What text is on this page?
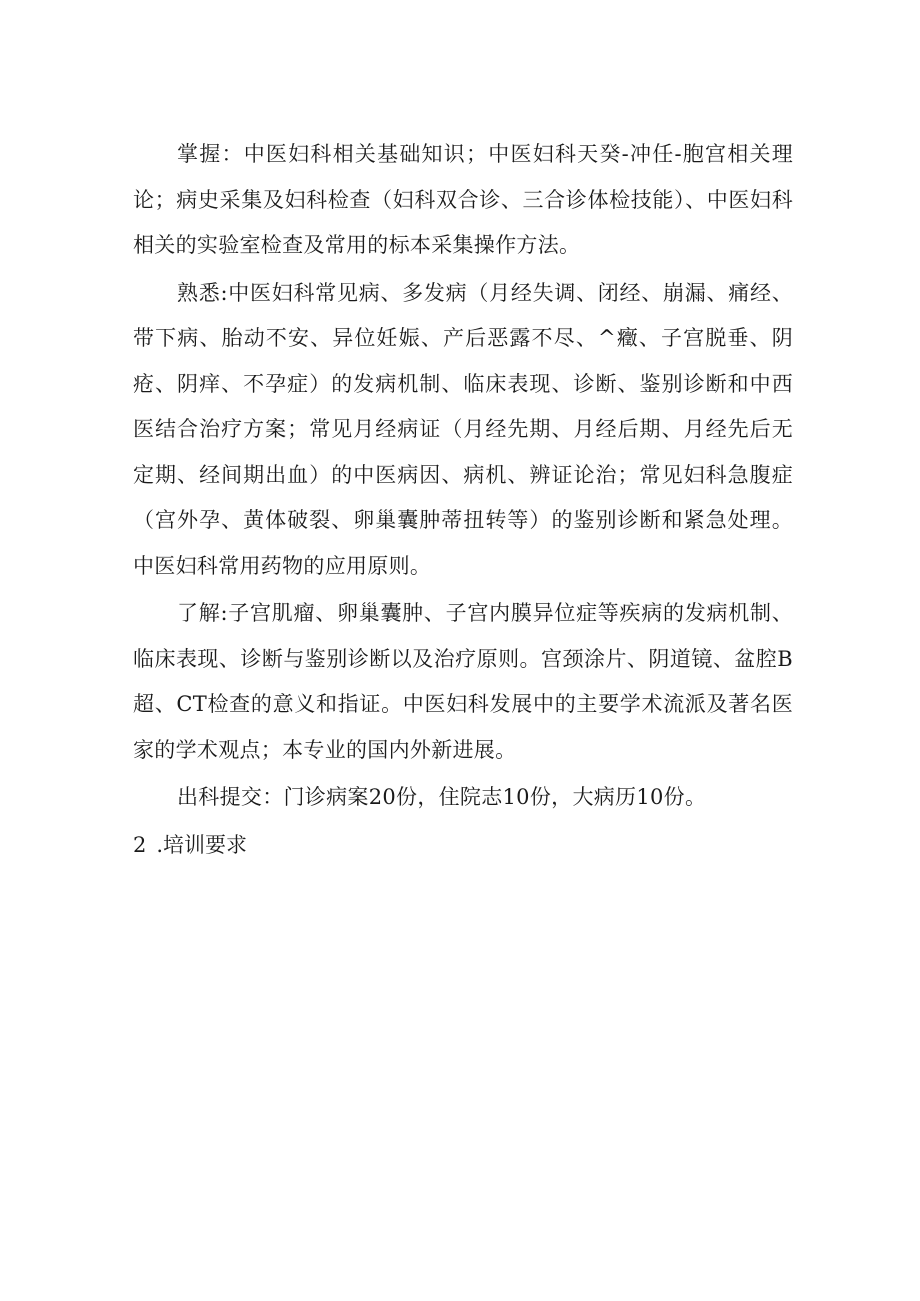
掌握：中医妇科相关基础知识；中医妇科天癸-冲任-胞宫相关理论；病史采集及妇科检查（妇科双合诊、三合诊体检技能）、中医妇科相关的实验室检查及常用的标本采集操作方法。

熟悉:中医妇科常见病、多发病（月经失调、闭经、崩漏、痛经、带下病、胎动不安、异位妊娠、产后恶露不尽、^癥、子宫脱垂、阴疮、阴痒、不孕症）的发病机制、临床表现、诊断、鉴别诊断和中西医结合治疗方案；常见月经病证（月经先期、月经后期、月经先后无定期、经间期出血）的中医病因、病机、辨证论治；常见妇科急腹症（宫外孕、黄体破裂、卵巢囊肿蒂扭转等）的鉴别诊断和紧急处理。中医妇科常用药物的应用原则。

了解:子宫肌瘤、卵巢囊肿、子宫内膜异位症等疾病的发病机制、临床表现、诊断与鉴别诊断以及治疗原则。宫颈涂片、阴道镜、盆腔B超、CT检查的意义和指证。中医妇科发展中的主要学术流派及著名医家的学术观点；本专业的国内外新进展。

出科提交：门诊病案20份，住院志10份，大病历10份。

2 .培训要求
